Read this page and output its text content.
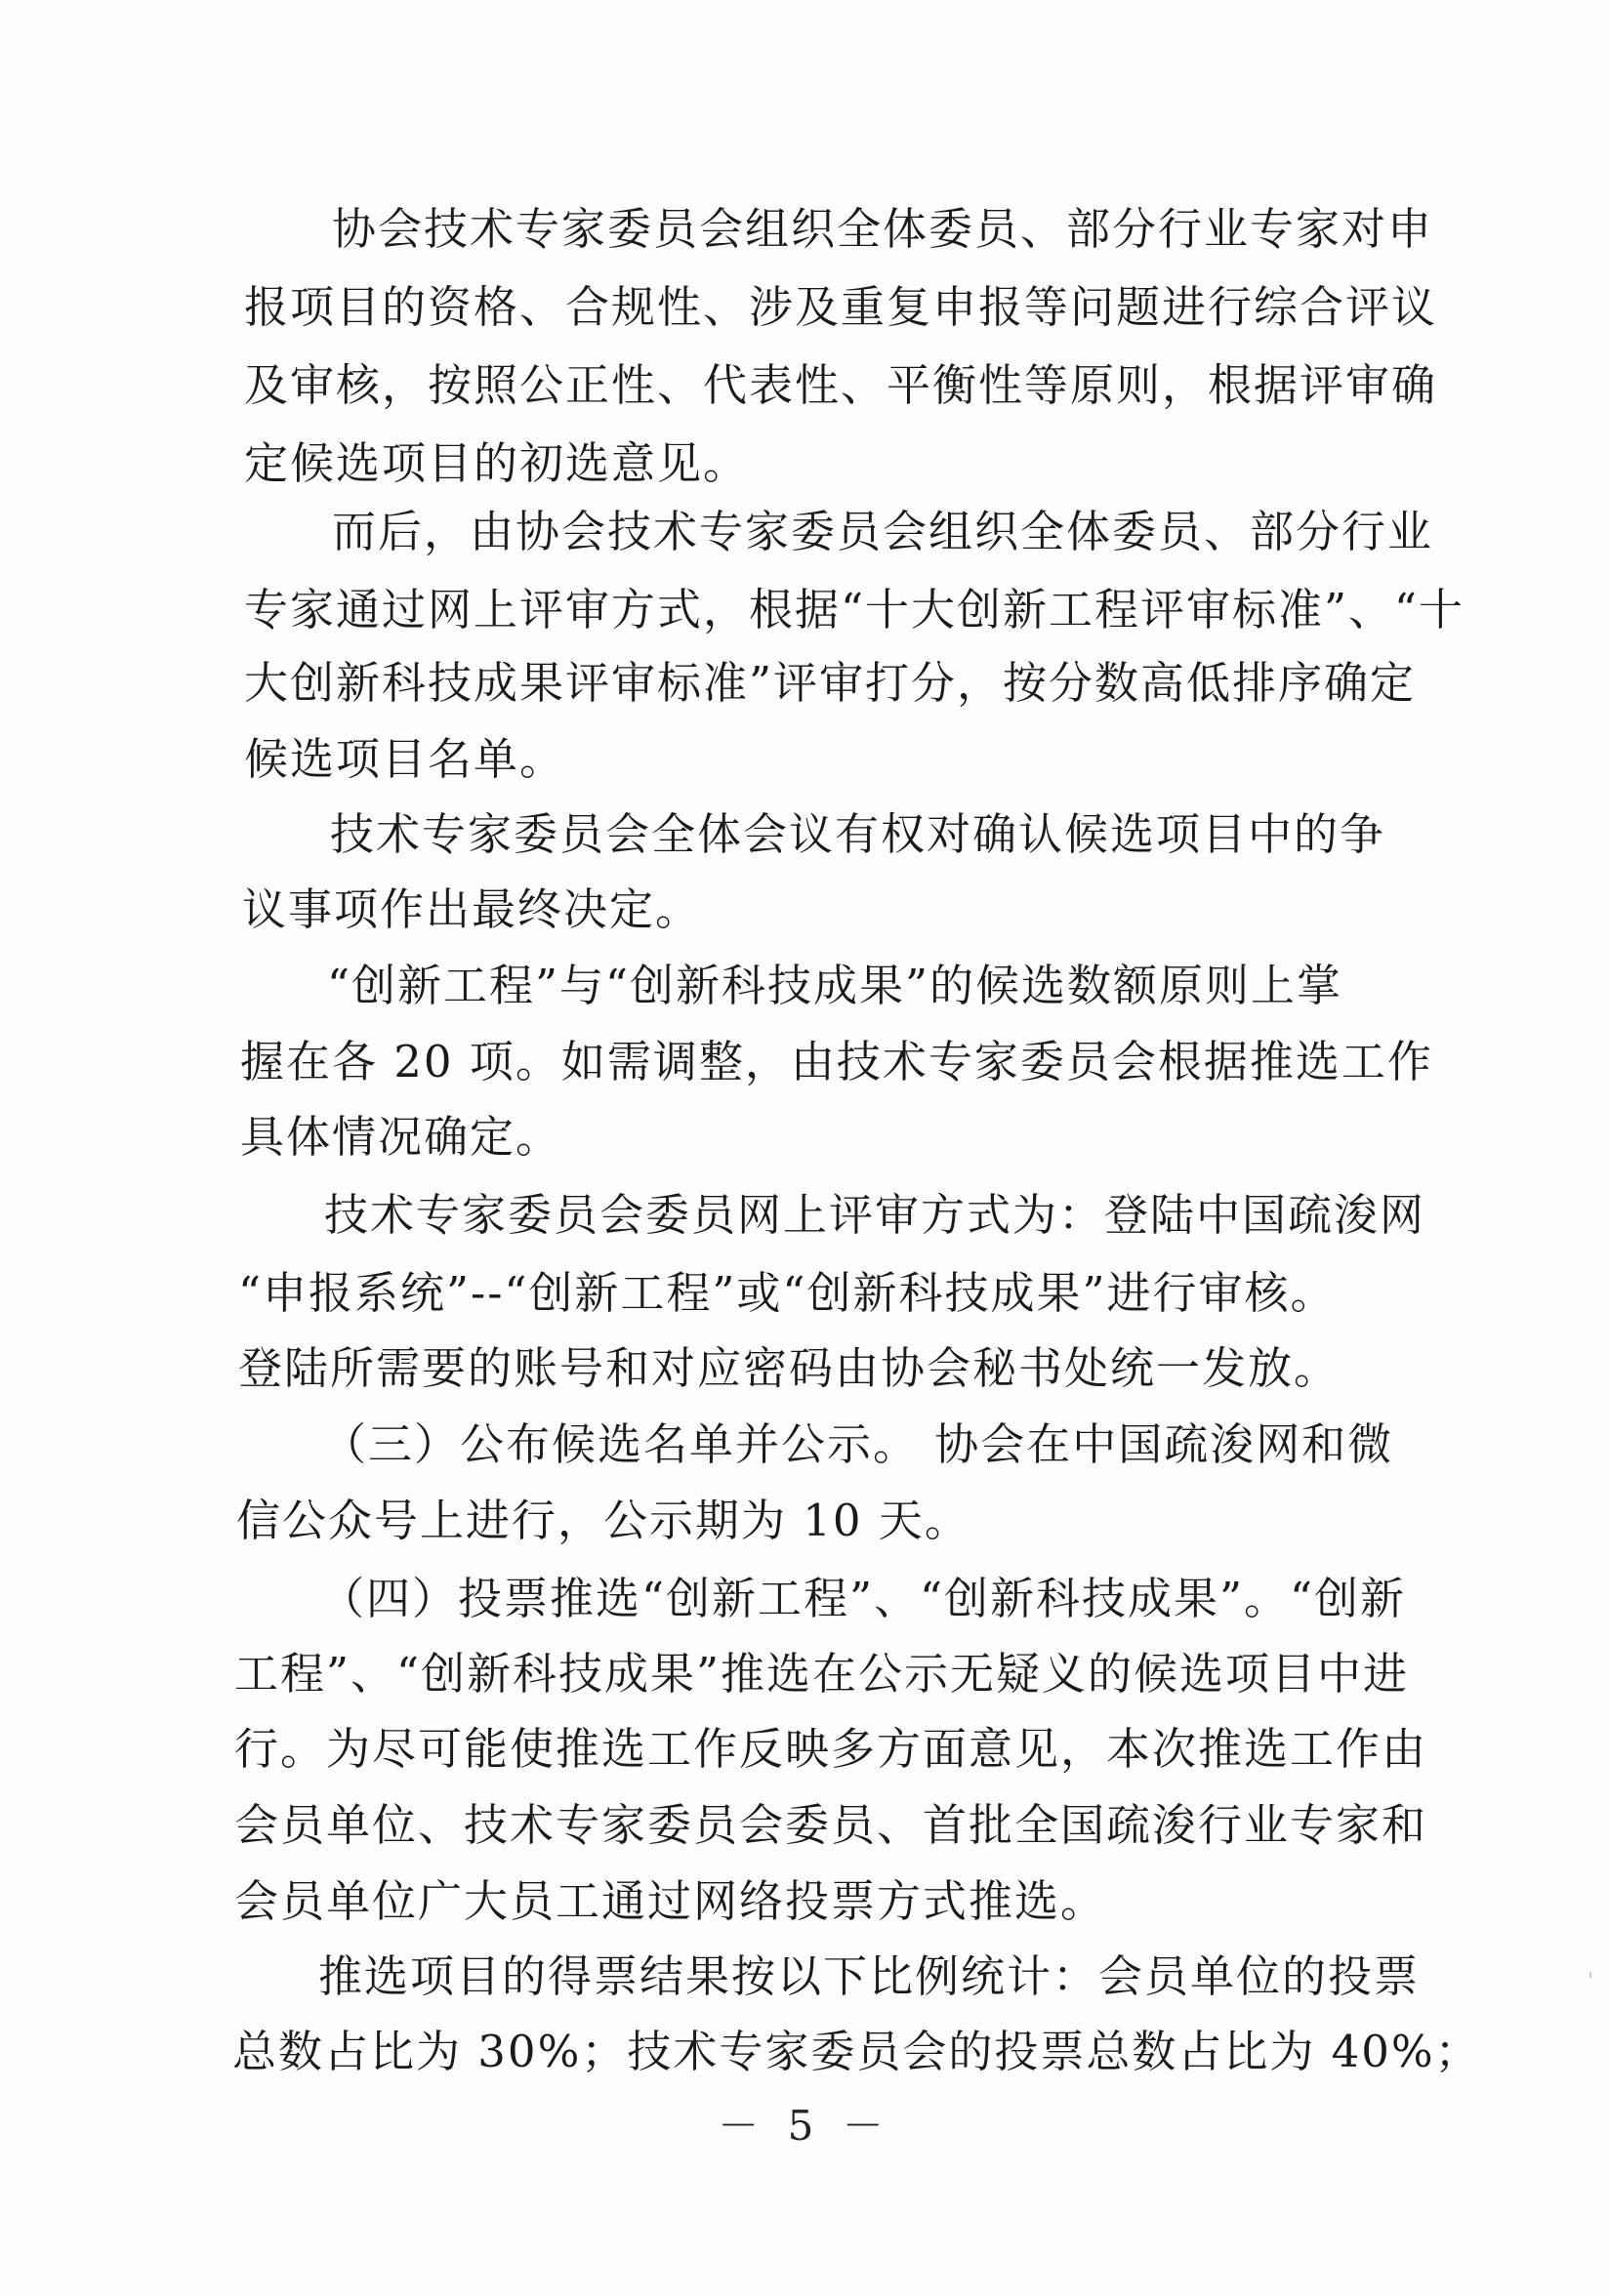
协会技术专家委员会组织全体委员、部分行业专家对申
报项目的资格、合规性、涉及重复申报等问题进行综合评议
及审核，按照公正性、代表性、平衡性等原则，根据评审确
定候选项目的初选意见。
而后，由协会技术专家委员会组织全体委员、部分行业
专家通过网上评审方式，根据“十大创新工程评审标准”、“十
大创新科技成果评审标准”评审打分，按分数高低排序确定
候选项目名单。
技术专家委员会全体会议有权对确认候选项目中的争
议事项作出最终决定。
“创新工程”与“创新科技成果”的候选数额原则上掌
握在各 20 项。如需调整，由技术专家委员会根据推选工作
具体情况确定。
技术专家委员会委员网上评审方式为：登陆中国疏浚网
“申报系统”--“创新工程”或“创新科技成果”进行审核。
登陆所需要的账号和对应密码由协会秘书处统一发放。
（三）公布候选名单并公示。 协会在中国疏浚网和微
信公众号上进行，公示期为 10 天。
（四）投票推选“创新工程”、“创新科技成果”。“创新
工程”、“创新科技成果”推选在公示无疑义的候选项目中进
行。为尽可能使推选工作反映多方面意见，本次推选工作由
会员单位、技术专家委员会委员、首批全国疏浚行业专家和
会员单位广大员工通过网络投票方式推选。
推选项目的得票结果按以下比例统计：会员单位的投票
总数占比为 30%；技术专家委员会的投票总数占比为 40%；
－ 5 －
